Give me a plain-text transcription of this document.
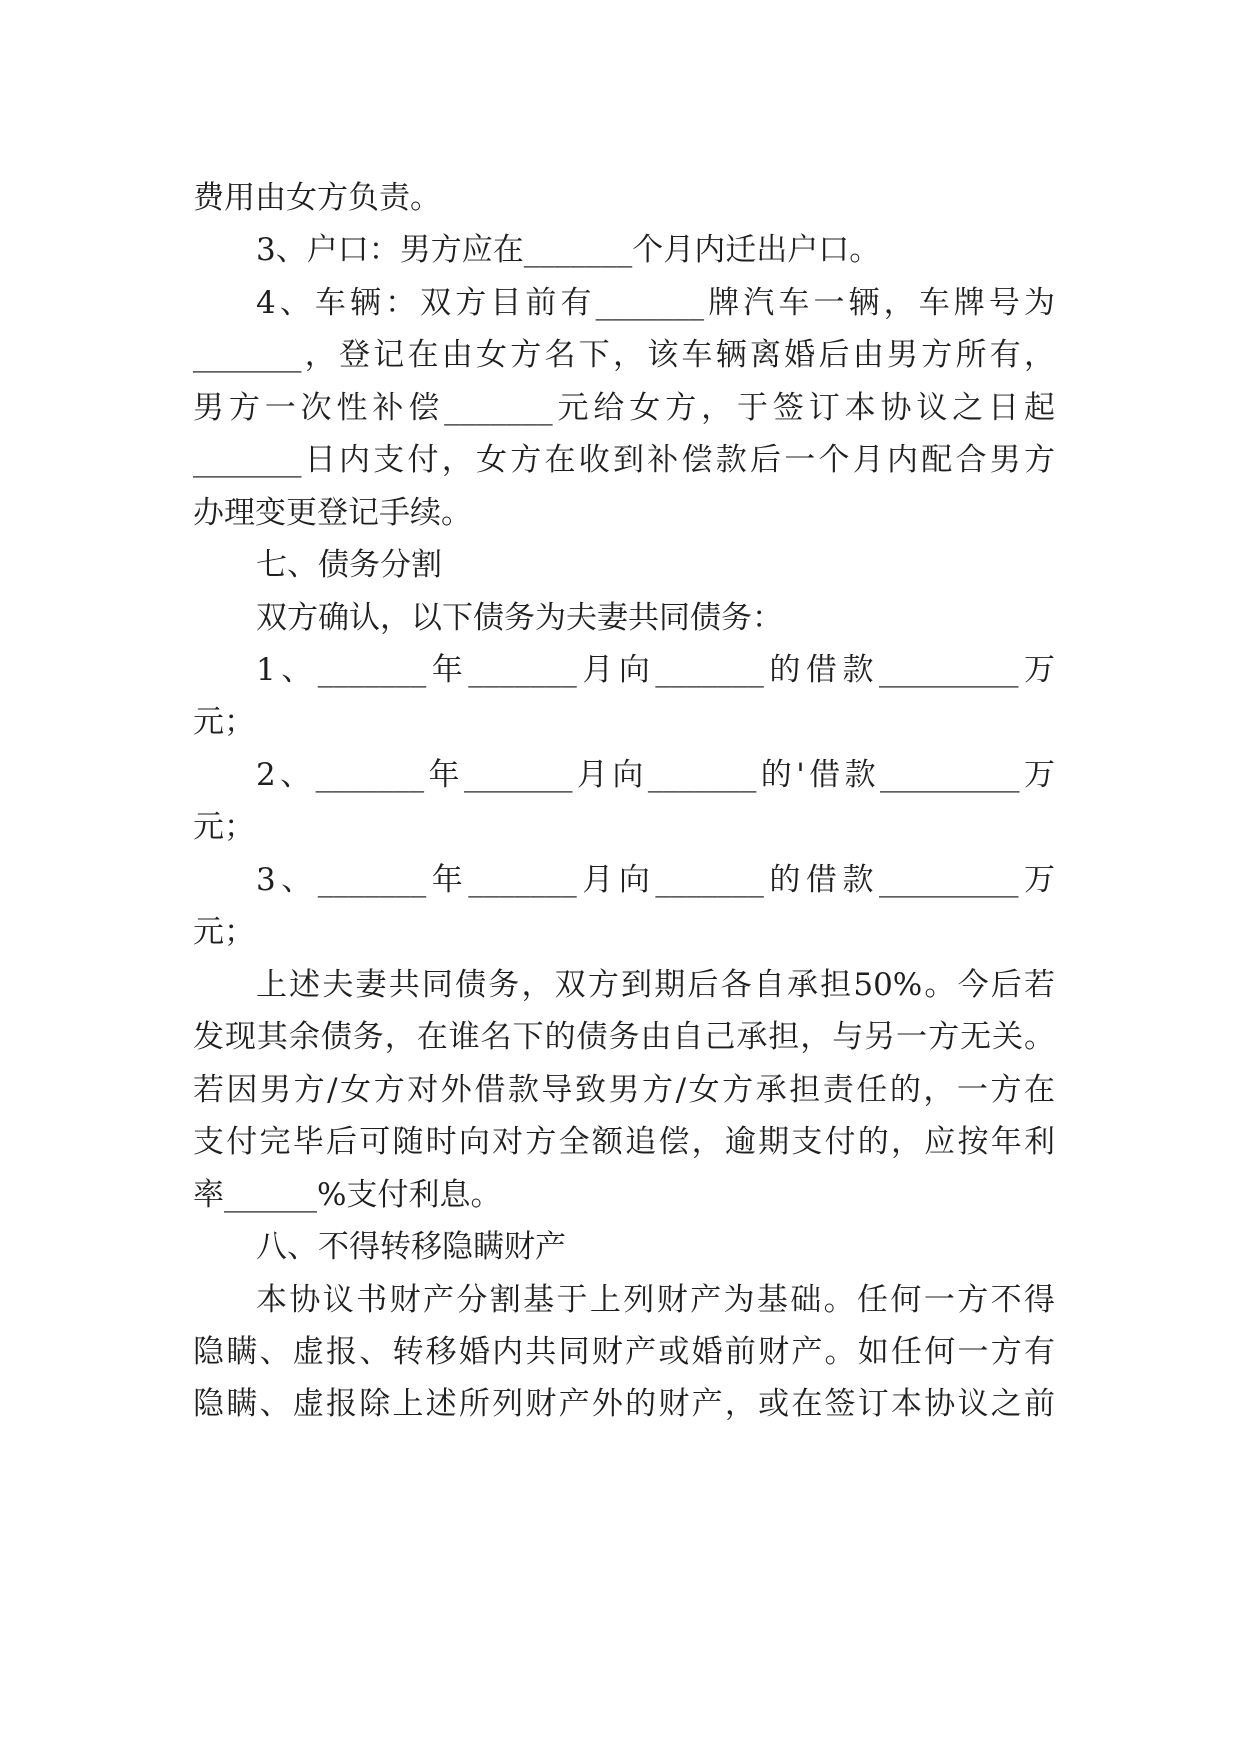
费用由女方负责。

3、户口：男方应在_______个月内迁出户口。

4、车辆：双方目前有_______牌汽车一辆，车牌号为

_______，登记在由女方名下，该车辆离婚后由男方所有，

男方一次性补偿_______元给女方，于签订本协议之日起

_______日内支付，女方在收到补偿款后一个月内配合男方

办理变更登记手续。

七、债务分割

双方确认，以下债务为夫妻共同债务：

1、_______年_______月向_______的借款_________万

元；

2、_______年_______月向_______的'借款_________万

元；

3、_______年_______月向_______的借款_________万

元；

上述夫妻共同债务，双方到期后各自承担50%。今后若

发现其余债务，在谁名下的债务由自己承担，与另一方无关。

若因男方/女方对外借款导致男方/女方承担责任的，一方在

支付完毕后可随时向对方全额追偿，逾期支付的，应按年利

率______%支付利息。

八、不得转移隐瞒财产

本协议书财产分割基于上列财产为基础。任何一方不得

隐瞒、虚报、转移婚内共同财产或婚前财产。如任何一方有

隐瞒、虚报除上述所列财产外的财产，或在签订本协议之前
